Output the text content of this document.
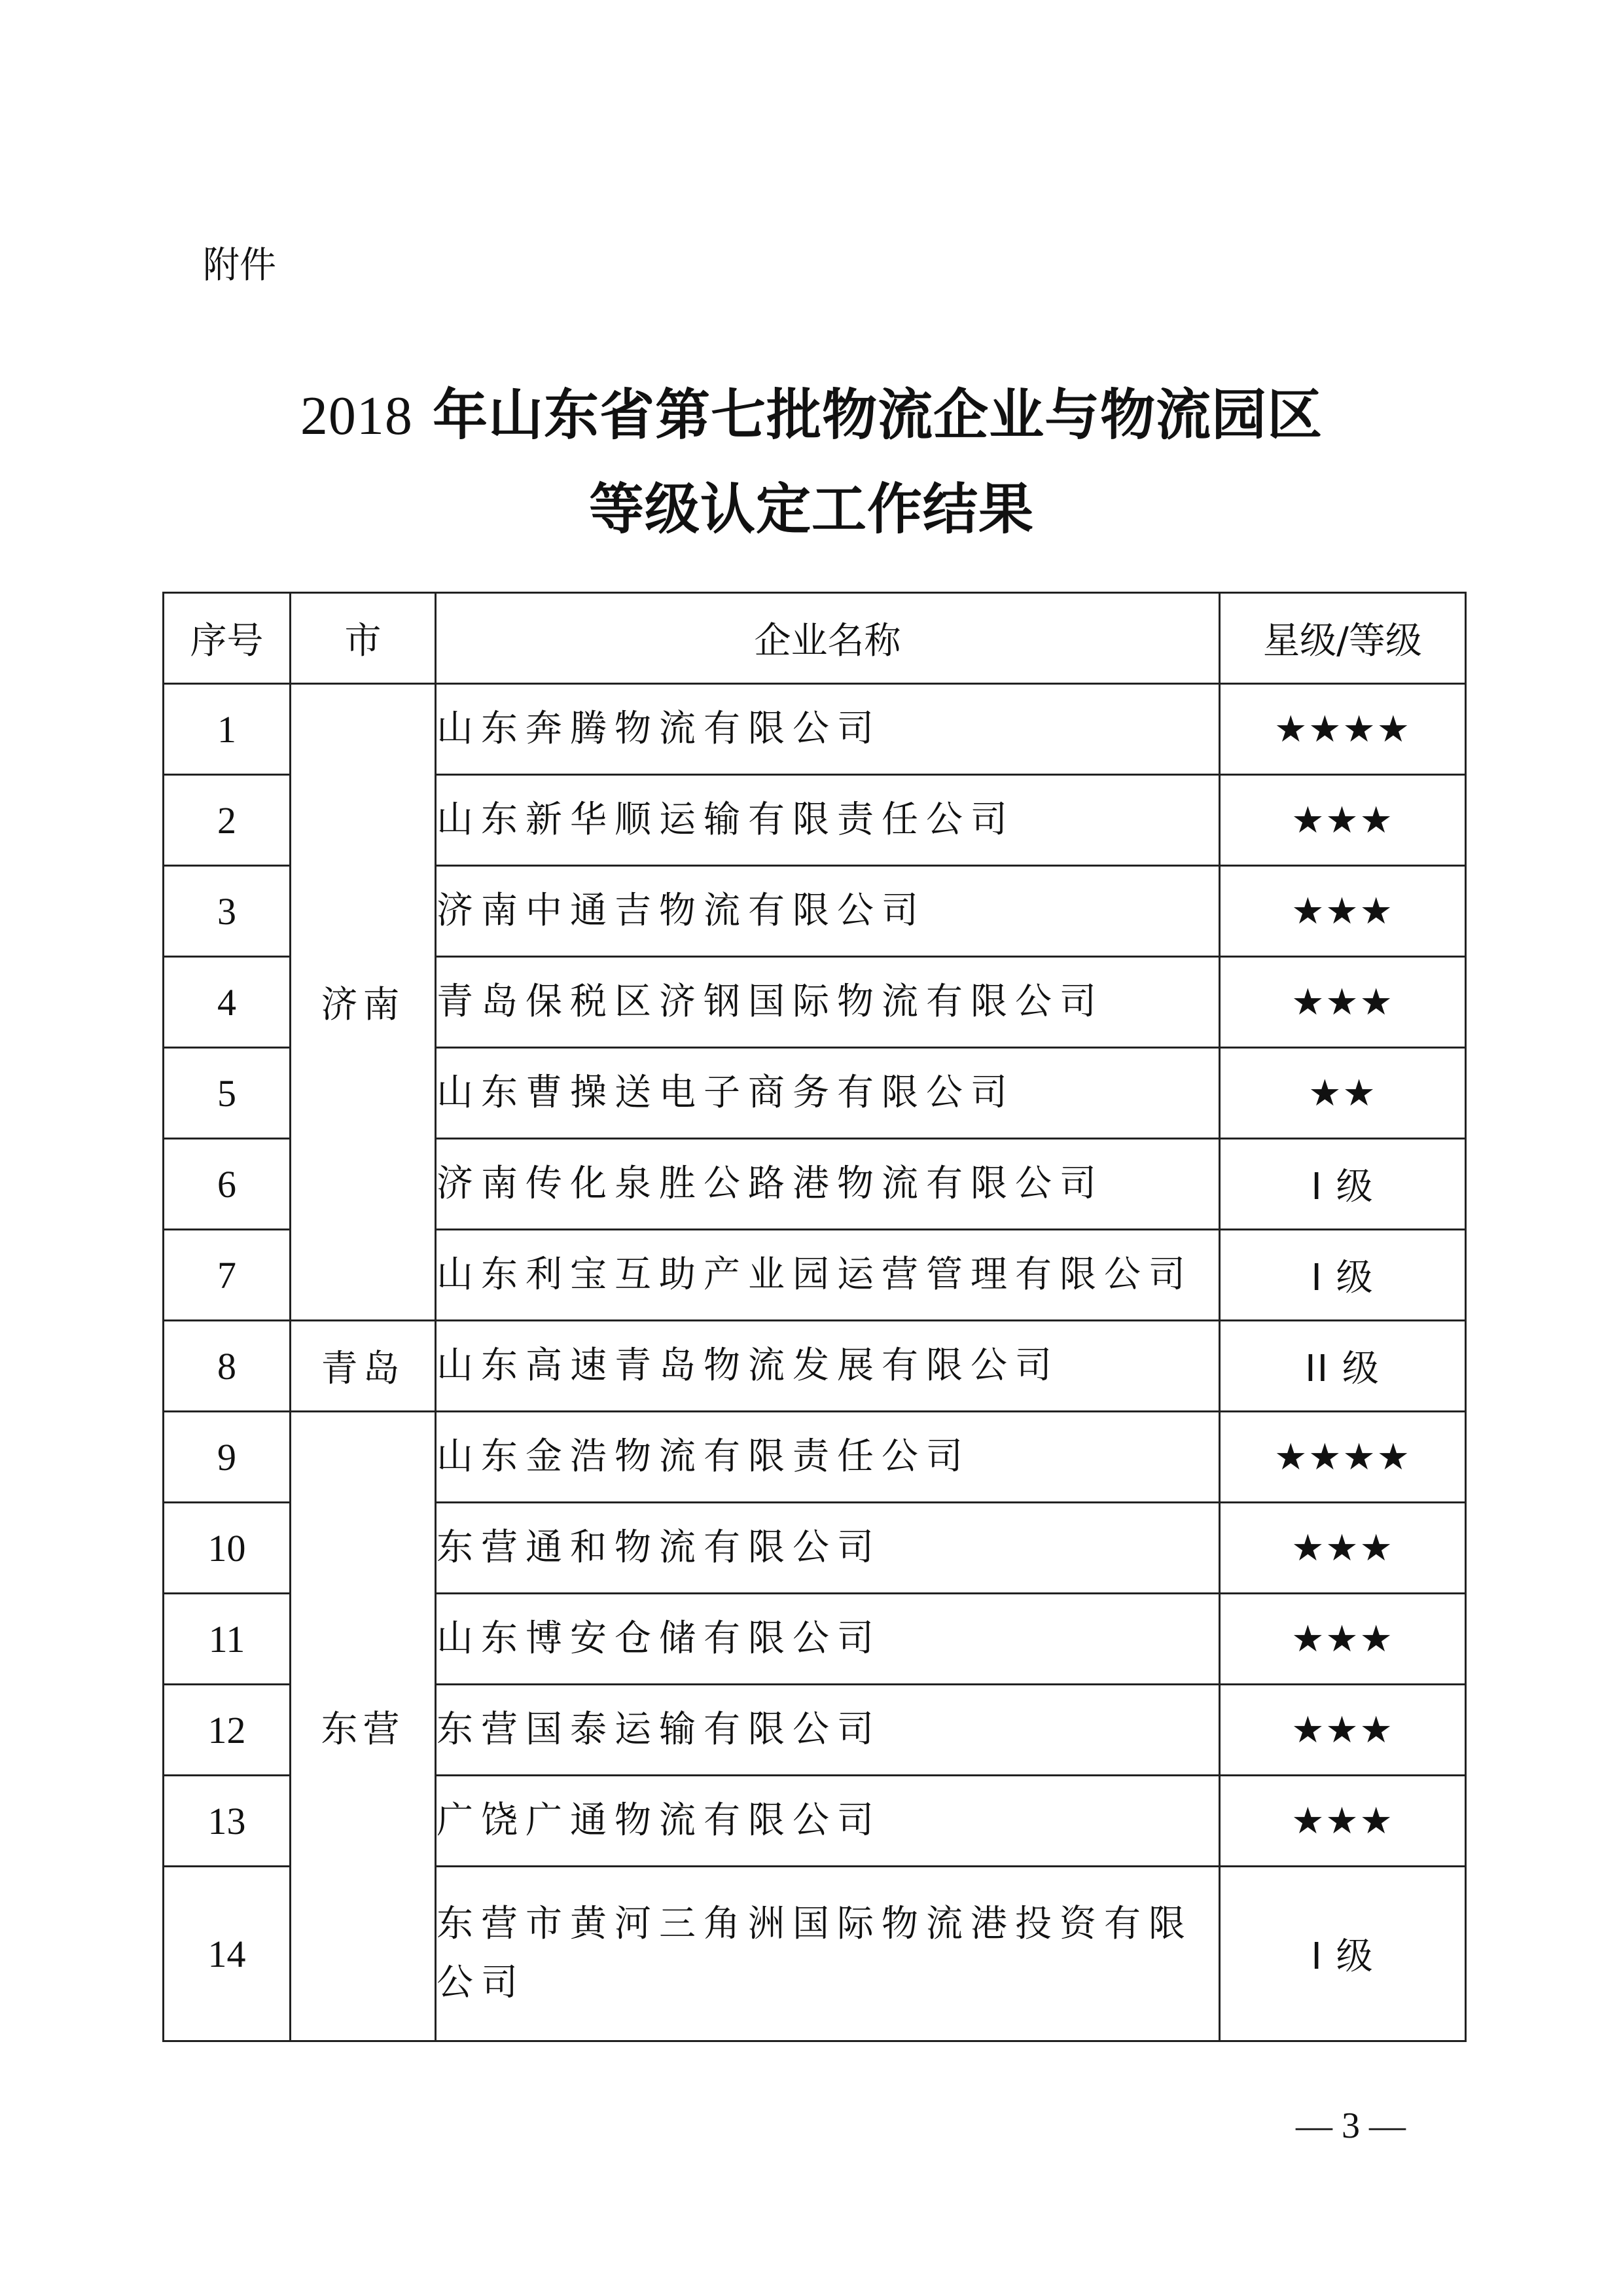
附件
2018 年山东省第七批物流企业与物流园区
等级认定工作结果
序号	市	企业名称	星级/等级
1	济南	山东奔腾物流有限公司	★★★★
2		山东新华顺运输有限责任公司	★★★
3		济南中通吉物流有限公司	★★★
4		青岛保税区济钢国际物流有限公司	★★★
5		山东曹操送电子商务有限公司	★★
6		济南传化泉胜公路港物流有限公司	I 级
7		山东利宝互助产业园运营管理有限公司	I 级
8	青岛	山东高速青岛物流发展有限公司	II 级
9	东营	山东金浩物流有限责任公司	★★★★
10		东营通和物流有限公司	★★★
11		山东博安仓储有限公司	★★★
12		东营国泰运输有限公司	★★★
13		广饶广通物流有限公司	★★★
14		东营市黄河三角洲国际物流港投资有限公司	I 级
— 3 —
